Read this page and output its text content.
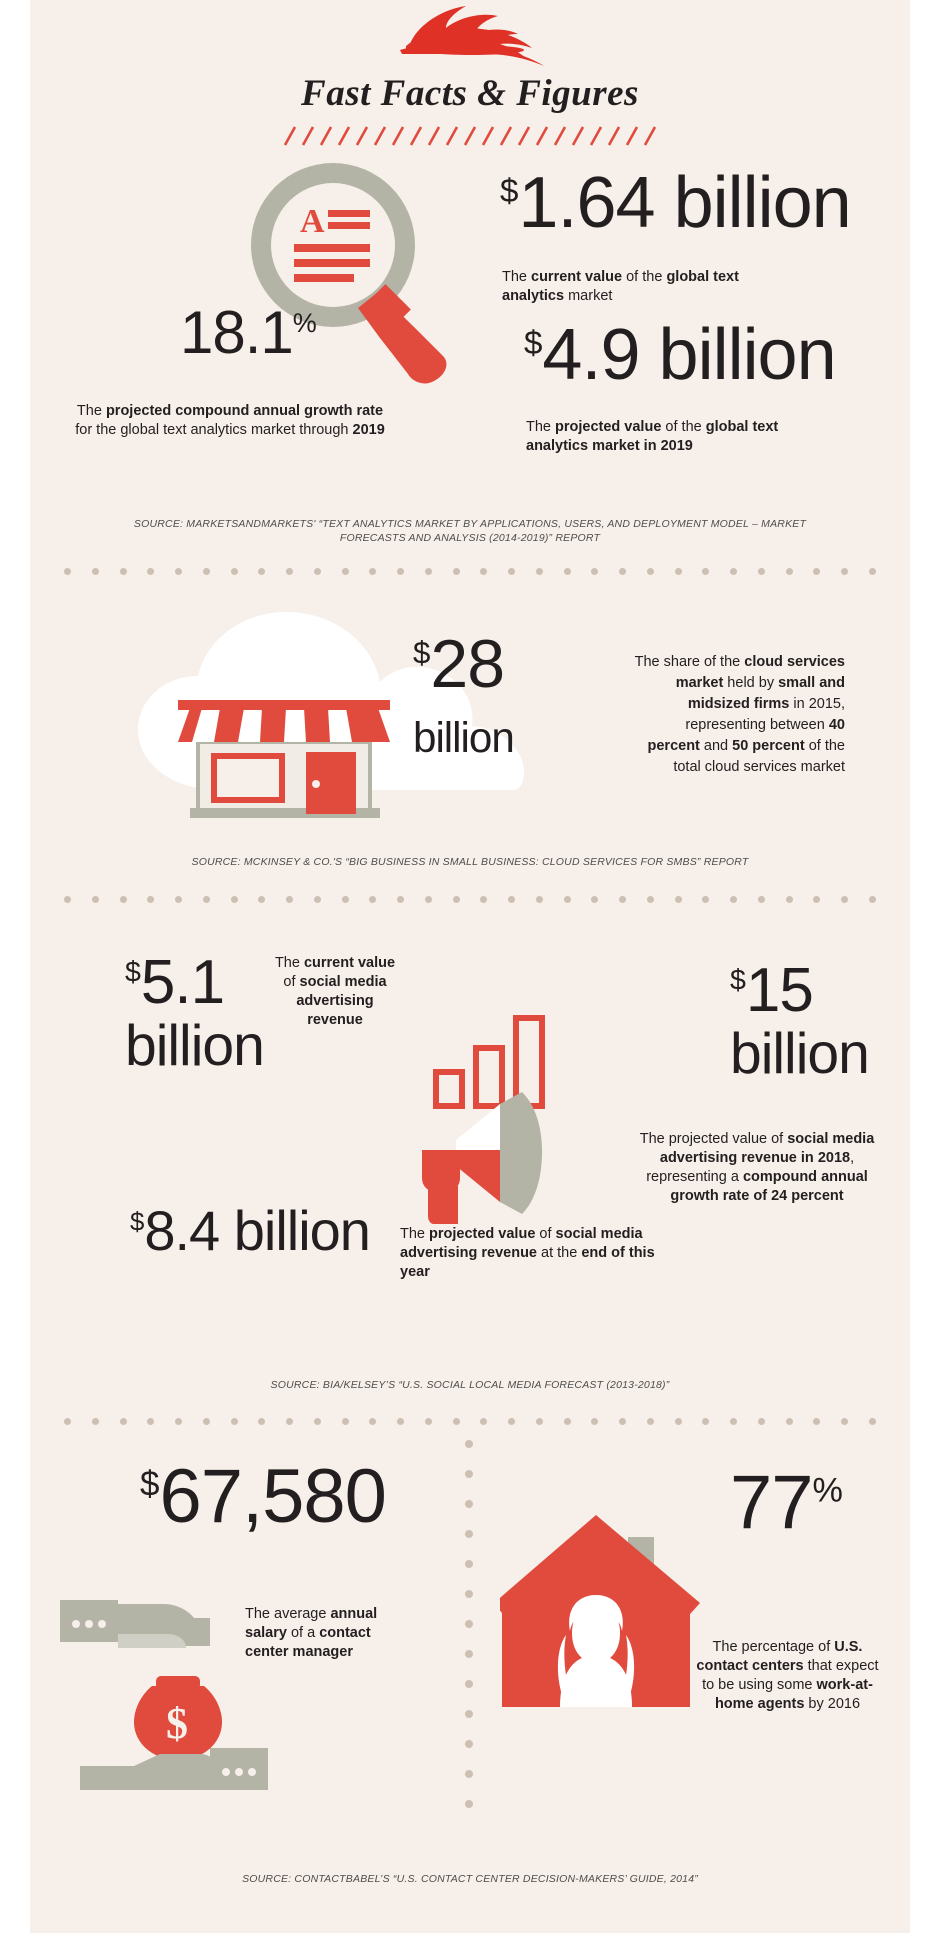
Fast Facts & Figures
A
$1.64 billion
The current value of the global text analytics market
$4.9 billion
The projected value of the global text analytics market in 2019
18.1%
The projected compound annual growth rate for the global text analytics market through 2019
SOURCE: MARKETSANDMARKETS' “TEXT ANALYTICS MARKET BY APPLICATIONS, USERS, AND DEPLOYMENT MODEL – MARKET FORECASTS AND ANALYSIS (2014-2019)” REPORT
$28
billion
The share of the cloud services market held by small and midsized firms in 2015, representing between 40 percent and 50 percent of the total cloud services market
SOURCE: MCKINSEY & CO.'S “BIG BUSINESS IN SMALL BUSINESS: CLOUD SERVICES FOR SMBS” REPORT
$5.1
billion
The current value of social media advertising revenue
$15
billion
The projected value of social media advertising revenue in 2018, representing a compound annual growth rate of 24 percent
$8.4 billion The projected value of social media advertising revenue at the end of this year
SOURCE: BIA/KELSEY’S “U.S. SOCIAL LOCAL MEDIA FORECAST (2013-2018)”
$67,580
The average annual salary of a contact center manager
$
77%
The percentage of U.S. contact centers that expect to be using some work-at-home agents by 2016
SOURCE: CONTACTBABEL’S “U.S. CONTACT CENTER DECISION-MAKERS’ GUIDE, 2014”
